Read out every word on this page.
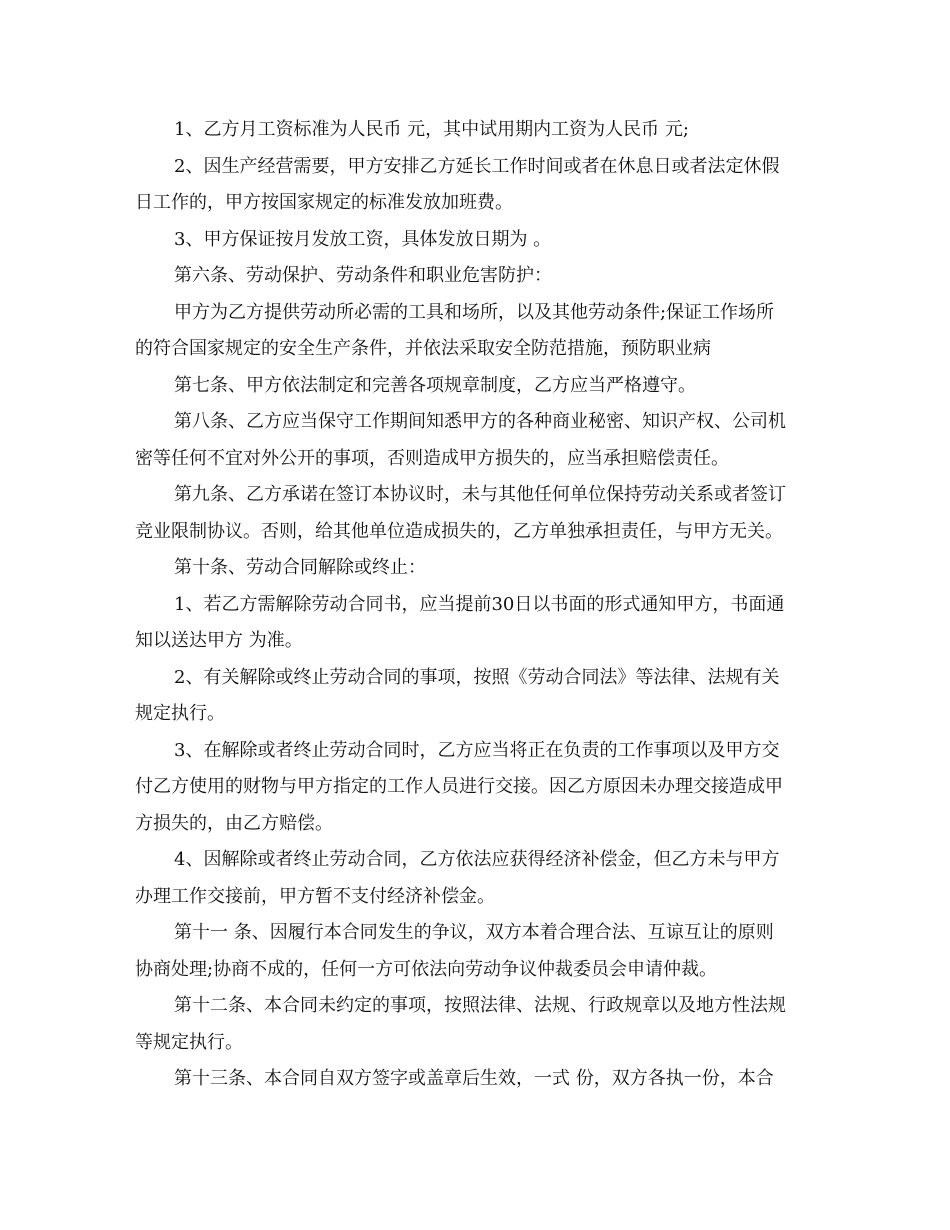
1、乙方月工资标准为人民币 元，其中试用期内工资为人民币 元;
2、因生产经营需要，甲方安排乙方延长工作时间或者在休息日或者法定休假
日工作的，甲方按国家规定的标准发放加班费。
3、甲方保证按月发放工资，具体发放日期为 。
第六条、劳动保护、劳动条件和职业危害防护：
甲方为乙方提供劳动所必需的工具和场所，以及其他劳动条件;保证工作场所
的符合国家规定的安全生产条件，并依法采取安全防范措施，预防职业病
第七条、甲方依法制定和完善各项规章制度，乙方应当严格遵守。
第八条、乙方应当保守工作期间知悉甲方的各种商业秘密、知识产权、公司机
密等任何不宜对外公开的事项，否则造成甲方损失的，应当承担赔偿责任。
第九条、乙方承诺在签订本协议时，未与其他任何单位保持劳动关系或者签订
竞业限制协议。否则，给其他单位造成损失的，乙方单独承担责任，与甲方无关。
第十条、劳动合同解除或终止：
1、若乙方需解除劳动合同书，应当提前30日以书面的形式通知甲方，书面通
知以送达甲方 为准。
2、有关解除或终止劳动合同的事项，按照《劳动合同法》等法律、法规有关
规定执行。
3、在解除或者终止劳动合同时，乙方应当将正在负责的工作事项以及甲方交
付乙方使用的财物与甲方指定的工作人员进行交接。因乙方原因未办理交接造成甲
方损失的，由乙方赔偿。
4、因解除或者终止劳动合同，乙方依法应获得经济补偿金，但乙方未与甲方
办理工作交接前，甲方暂不支付经济补偿金。
第十一 条、因履行本合同发生的争议，双方本着合理合法、互谅互让的原则
协商处理;协商不成的，任何一方可依法向劳动争议仲裁委员会申请仲裁。
第十二条、本合同未约定的事项，按照法律、法规、行政规章以及地方性法规
等规定执行。
第十三条、本合同自双方签字或盖章后生效，一式 份，双方各执一份，本合
